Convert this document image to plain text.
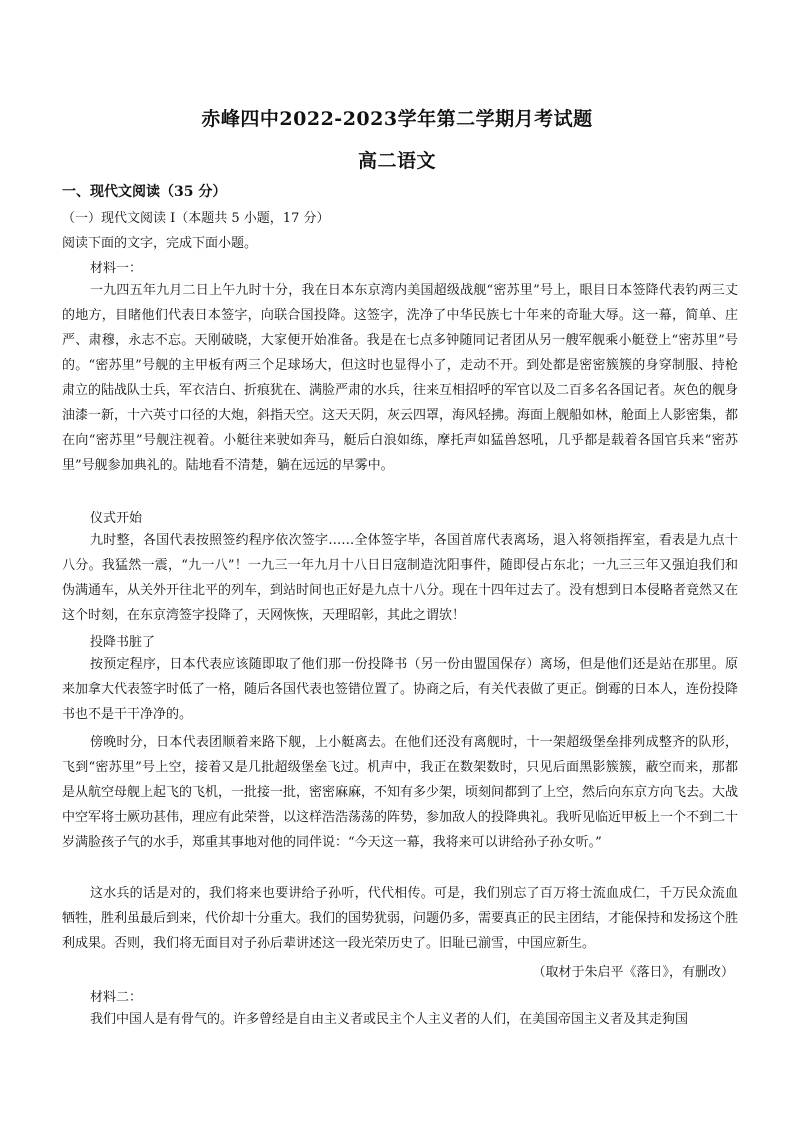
赤峰四中2022-2023学年第二学期月考试题
高二语文
一、现代文阅读（35 分）
（一）现代文阅读 I（本题共 5 小题，17 分）
阅读下面的文字，完成下面小题。
材料一：

一九四五年九月二日上午九时十分，我在日本东京湾内美国超级战舰“密苏里”号上，眼目日本签降代表钓两三丈的地方，目睹他们代表日本签字，向联合国投降。这签字，洗净了中华民族七十年来的奇耻大辱。这一幕，简单、庄严、肃穆，永志不忘。天刚破晓，大家便开始准备。我是在七点多钟随同记者团从另一艘军舰乘小艇登上“密苏里”号的。“密苏里”号舰的主甲板有两三个足球场大，但这时也显得小了，走动不开。到处都是密密簇簇的身穿制服、持枪肃立的陆战队士兵，军衣洁白、折痕犹在、满脸严肃的水兵，往来互相招呼的军官以及二百多名各国记者。灰色的舰身油漆一新，十六英寸口径的大炮，斜指天空。这天天阴，灰云四罩，海风轻拂。海面上舰船如林，舱面上人影密集，都在向“密苏里”号舰注视着。小艇往来驶如奔马，艇后白浪如练，摩托声如猛兽怒吼，几乎都是载着各国官兵来“密苏里”号舰参加典礼的。陆地看不清楚，躺在远远的早雾中。

仪式开始

九时整，各国代表按照签约程序依次签字……全体签字毕，各国首席代表离场，退入将领指挥室，看表是九点十八分。我猛然一震，“九一八”！一九三一年九月十八日日寇制造沈阳事件，随即侵占东北；一九三三年又强迫我们和伪满通车，从关外开往北平的列车，到站时间也正好是九点十八分。现在十四年过去了。没有想到日本侵略者竟然又在这个时刻，在东京湾签字投降了，天网恢恢，天理昭彰，其此之谓欤！

投降书脏了

按预定程序，日本代表应该随即取了他们那一份投降书（另一份由盟国保存）离场，但是他们还是站在那里。原来加拿大代表签字时低了一格，随后各国代表也签错位置了。协商之后，有关代表做了更正。倒霉的日本人，连份投降书也不是干干净净的。

傍晚时分，日本代表团顺着来路下舰，上小艇离去。在他们还没有离舰时，十一架超级堡垒排列成整齐的队形，飞到“密苏里”号上空，接着又是几批超级堡垒飞过。机声中，我正在数架数时，只见后面黑影簇簇，蔽空而来，那都是从航空母舰上起飞的飞机，一批接一批，密密麻麻，不知有多少架，顷刻间都到了上空，然后向东京方向飞去。大战中空军将士厥功甚伟，理应有此荣誉，以这样浩浩荡荡的阵势，参加敌人的投降典礼。我听见临近甲板上一个不到二十岁满脸孩子气的水手，郑重其事地对他的同伴说：“今天这一幕，我将来可以讲给孙子孙女听。”

这水兵的话是对的，我们将来也要讲给子孙听，代代相传。可是，我们别忘了百万将士流血成仁，千万民众流血牺牲，胜利虽最后到来，代价却十分重大。我们的国势犹弱，问题仍多，需要真正的民主团结，才能保持和发扬这个胜利成果。否则，我们将无面目对子孙后辈讲述这一段光荣历史了。旧耻已湔雪，中国应新生。

（取材于朱启平《落日》，有删改）
材料二：

我们中国人是有骨气的。许多曾经是自由主义者或民主个人主义者的人们，在美国帝国主义者及其走狗国
